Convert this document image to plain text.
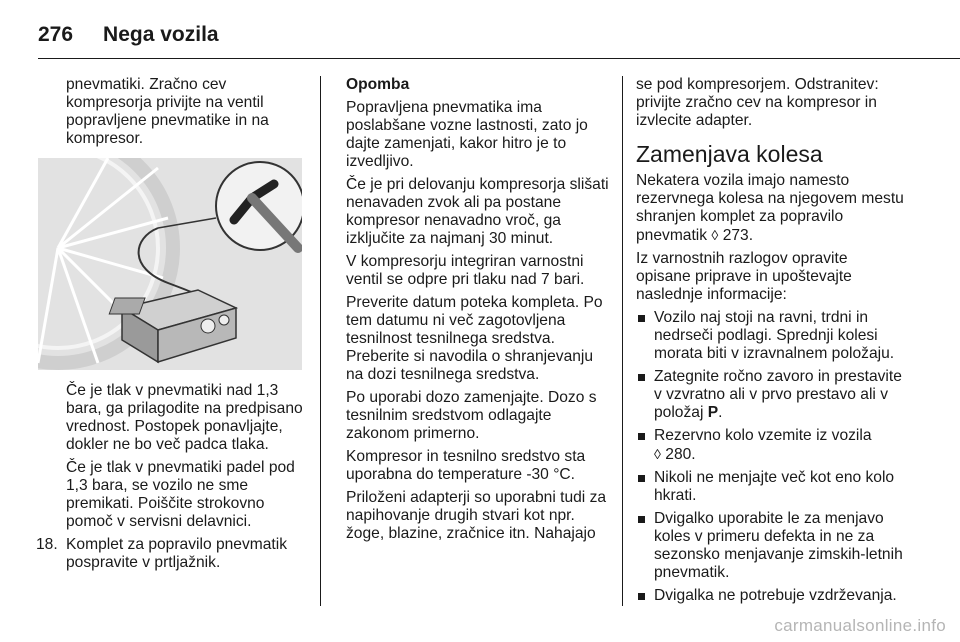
276 Nega vozila

pnevmatiki. Zračno cev kompresorja privijte na ventil popravljene pnevmatike in na kompresor.

Če je tlak v pnevmatiki nad 1,3 bara, ga prilagodite na predpisano vrednost. Postopek ponavljajte, dokler ne bo več padca tlaka.

Če je tlak v pnevmatiki padel pod 1,3 bara, se vozilo ne sme premikati. Poiščite strokovno pomoč v servisni delavnici.

18. Komplet za popravilo pnevmatik pospravite v prtljažnik.

Opomba

Popravljena pnevmatika ima poslabšane vozne lastnosti, zato jo dajte zamenjati, kakor hitro je to izvedljivo.

Če je pri delovanju kompresorja slišati nenavaden zvok ali pa postane kompresor nenavadno vroč, ga izključite za najmanj 30 minut.

V kompresorju integriran varnostni ventil se odpre pri tlaku nad 7 bari.

Preverite datum poteka kompleta. Po tem datumu ni več zagotovljena tesnilnost tesnilnega sredstva. Preberite si navodila o shranjevanju na dozi tesnilnega sredstva.

Po uporabi dozo zamenjajte. Dozo s tesnilnim sredstvom odlagajte zakonom primerno.

Kompresor in tesnilno sredstvo sta uporabna do temperature -30 °C.

Priloženi adapterji so uporabni tudi za napihovanje drugih stvari kot npr. žoge, blazine, zračnice itn. Nahajajo

se pod kompresorjem. Odstranitev: privijte zračno cev na kompresor in izvlecite adapter.

Zamenjava kolesa

Nekatera vozila imajo namesto rezervnega kolesa na njegovem mestu shranjen komplet za popravilo pnevmatik ◊ 273.

Iz varnostnih razlogov opravite opisane priprave in upoštevajte naslednje informacije:

Vozilo naj stoji na ravni, trdni in nedrseči podlagi. Sprednji kolesi morata biti v izravnalnem položaju.

Zategnite ročno zavoro in prestavite v vzvratno ali v prvo prestavo ali v položaj P.

Rezervno kolo vzemite iz vozila
◊ 280.

Nikoli ne menjajte več kot eno kolo hkrati.

Dvigalko uporabite le za menjavo koles v primeru defekta in ne za sezonsko menjavanje zimskih-letnih pnevmatik.

Dvigalka ne potrebuje vzdrževanja.

carmanualsonline.info
